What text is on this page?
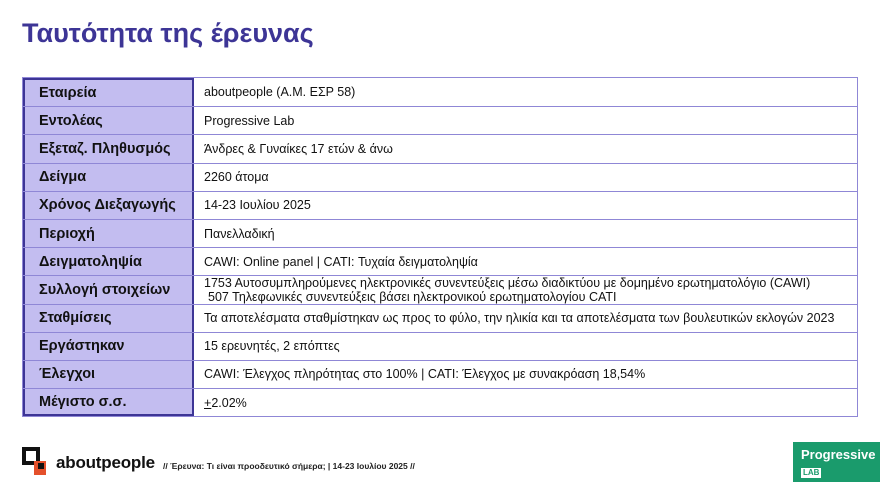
Ταυτότητα της έρευνας
Εταιρεία	aboutpeople (Α.Μ. ΕΣΡ 58)
Εντολέας	Progressive Lab
Εξεταζ. Πληθυσμός	Άνδρες & Γυναίκες 17 ετών & άνω
Δείγμα	2260 άτομα
Χρόνος Διεξαγωγής	14-23 Ιουλίου 2025
Περιοχή	Πανελλαδική
Δειγματοληψία	CAWI: Online panel | CATI: Τυχαία δειγματοληψία
Συλλογή στοιχείων	1753 Αυτοσυμπληρούμενες ηλεκτρονικές συνεντεύξεις μέσω διαδικτύου με δομημένο ερωτηματολόγιο (CAWI)
507 Τηλεφωνικές συνεντεύξεις βάσει ηλεκτρονικού ερωτηματολογίου CATI
Σταθμίσεις	Τα αποτελέσματα σταθμίστηκαν ως προς το φύλο, την ηλικία και τα αποτελέσματα των βουλευτικών εκλογών 2023
Εργάστηκαν	15 ερευνητές, 2 επόπτες
Έλεγχοι	CAWI: Έλεγχος πληρότητας στο 100% | CATI: Έλεγχος με συνακρόαση 18,54%
Μέγιστο σ.σ.	+2.02%
aboutpeople // Έρευνα: Τι είναι προοδευτικό σήμερα; | 14-23 Ιουλίου 2025 //
Progressive
LAB
